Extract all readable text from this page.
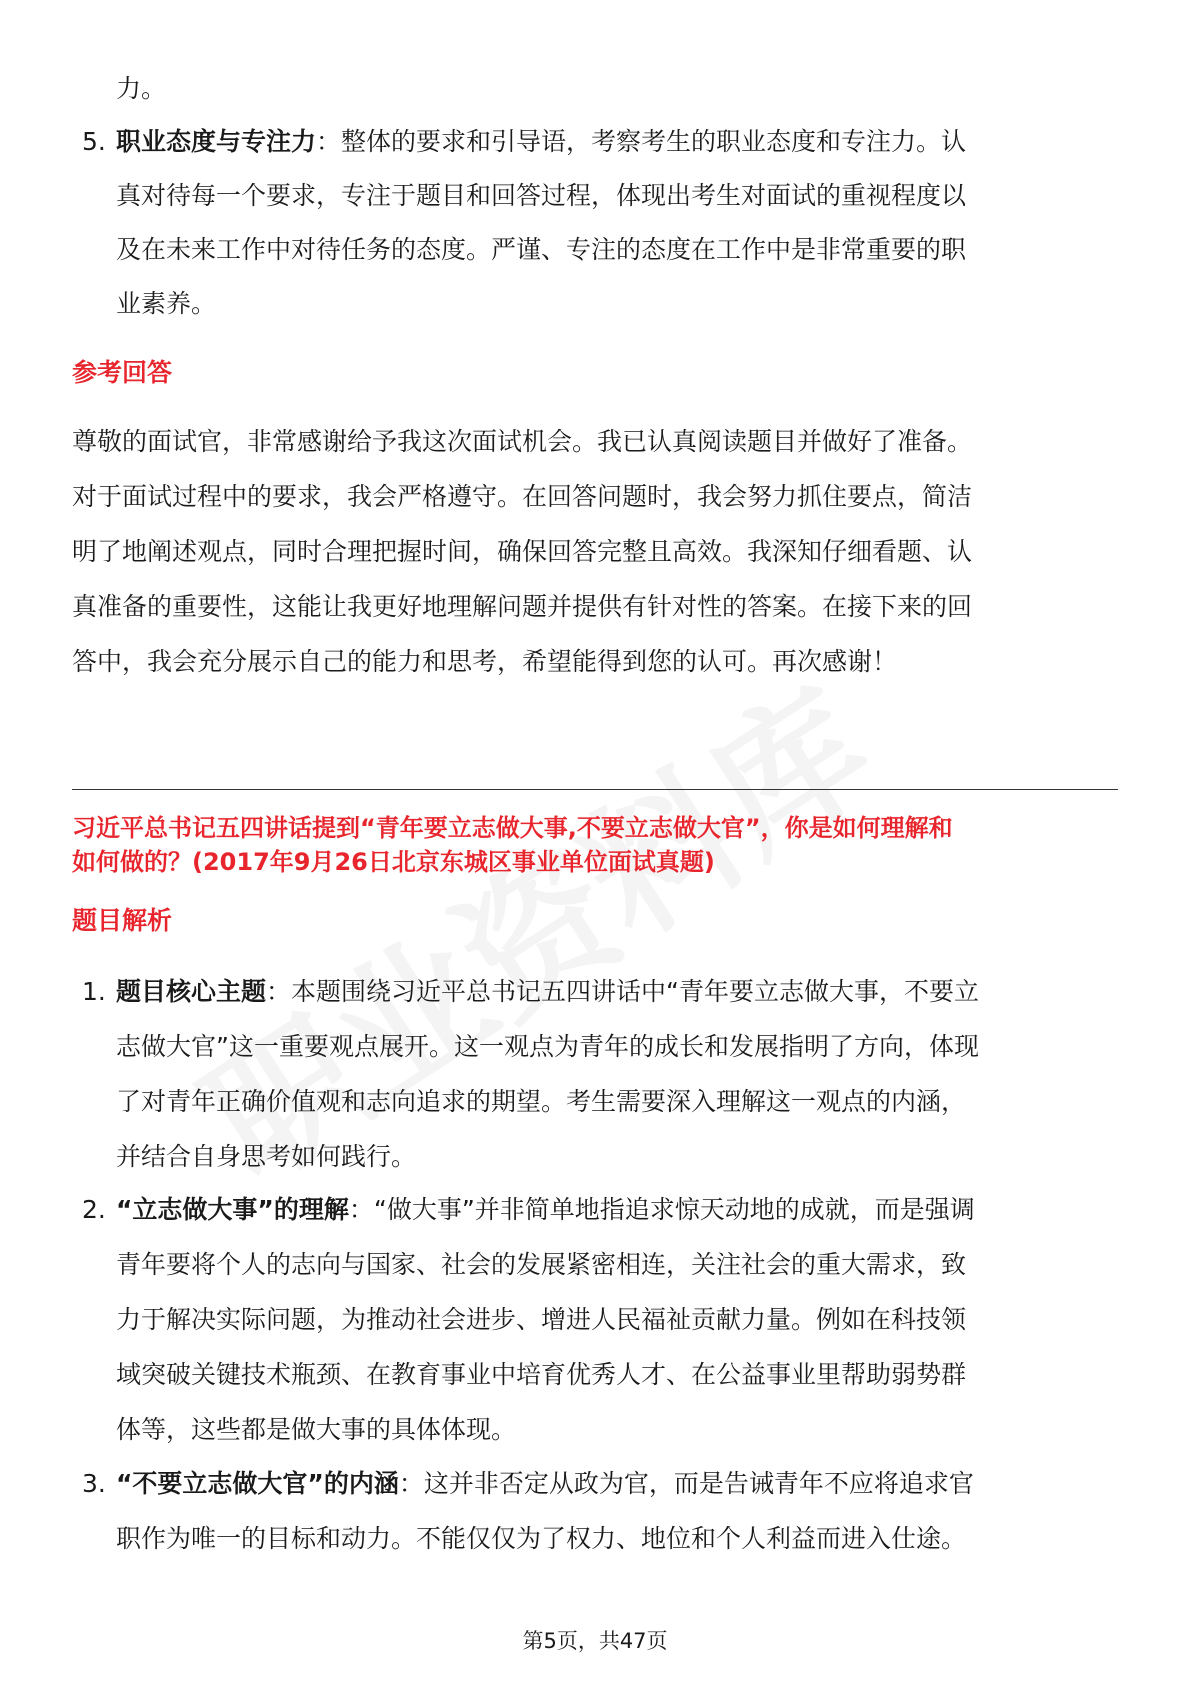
力。
5. 职业态度与专注力：整体的要求和引导语，考察考生的职业态度和专注力。认
真对待每一个要求，专注于题目和回答过程，体现出考生对面试的重视程度以
及在未来工作中对待任务的态度。严谨、专注的态度在工作中是非常重要的职
业素养。
参考回答
尊敬的面试官，非常感谢给予我这次面试机会。我已认真阅读题目并做好了准备。
对于面试过程中的要求，我会严格遵守。在回答问题时，我会努力抓住要点，简洁
明了地阐述观点，同时合理把握时间，确保回答完整且高效。我深知仔细看题、认
真准备的重要性，这能让我更好地理解问题并提供有针对性的答案。在接下来的回
答中，我会充分展示自己的能力和思考，希望能得到您的认可。再次感谢！
习近平总书记五四讲话提到“青年要立志做大事,不要立志做大官”，你是如何理解和
如何做的？(2017年9月26日北京东城区事业单位面试真题)
题目解析
1. 题目核心主题：本题围绕习近平总书记五四讲话中“青年要立志做大事，不要立
志做大官”这一重要观点展开。这一观点为青年的成长和发展指明了方向，体现
了对青年正确价值观和志向追求的期望。考生需要深入理解这一观点的内涵，
并结合自身思考如何践行。
2. “立志做大事”的理解：“做大事”并非简单地指追求惊天动地的成就，而是强调
青年要将个人的志向与国家、社会的发展紧密相连，关注社会的重大需求，致
力于解决实际问题，为推动社会进步、增进人民福祉贡献力量。例如在科技领
域突破关键技术瓶颈、在教育事业中培育优秀人才、在公益事业里帮助弱势群
体等，这些都是做大事的具体体现。
3. “不要立志做大官”的内涵：这并非否定从政为官，而是告诫青年不应将追求官
职作为唯一的目标和动力。不能仅仅为了权力、地位和个人利益而进入仕途。
第5页，共47页
